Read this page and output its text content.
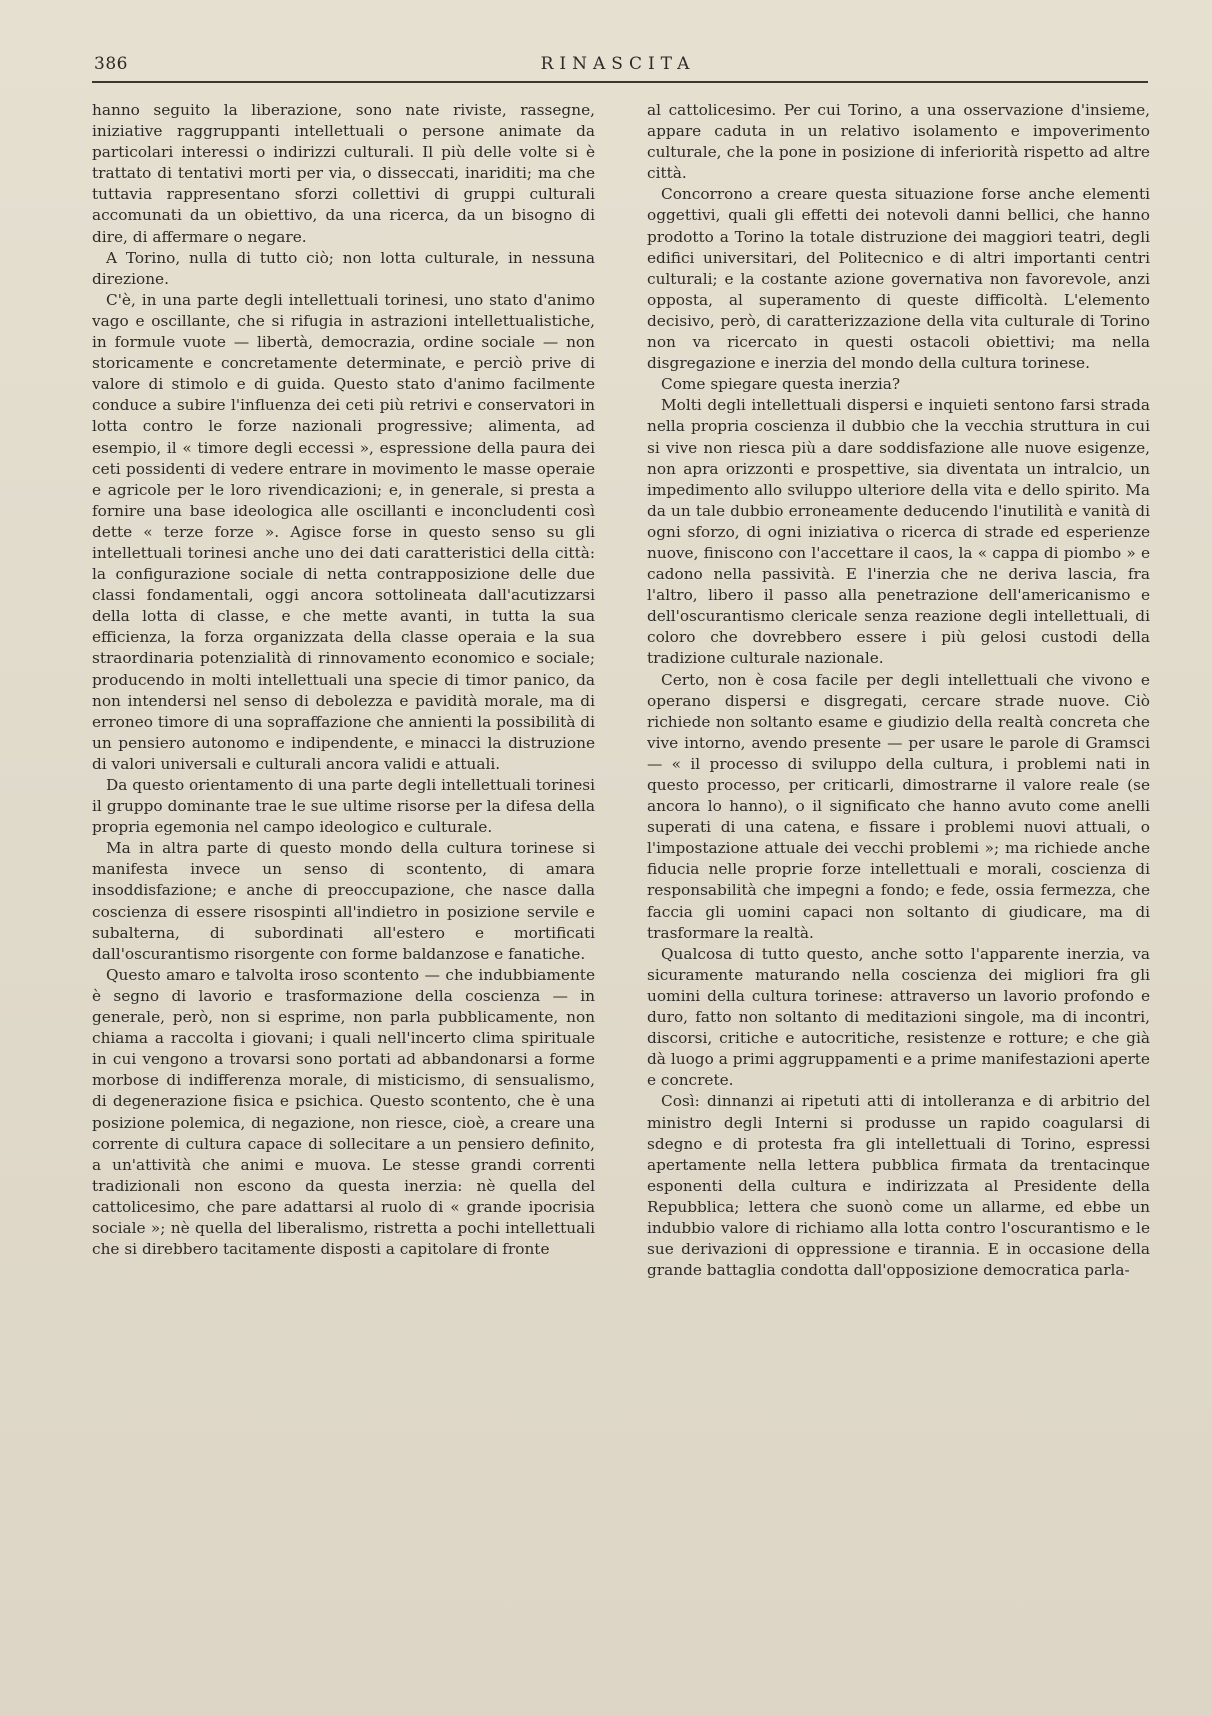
386	RINASCITA

hanno seguito la liberazione, sono nate riviste, rassegne, iniziative raggruppanti intellettuali o persone animate da particolari interessi o indirizzi culturali. Il più delle volte si è trattato di tentativi morti per via, o disseccati, inariditi; ma che tuttavia rappresentano sforzi collettivi di gruppi culturali accomunati da un obiettivo, da una ricerca, da un bisogno di dire, di affermare o negare.

A Torino, nulla di tutto ciò; non lotta culturale, in nessuna direzione.

C'è, in una parte degli intellettuali torinesi, uno stato d'animo vago e oscillante, che si rifugia in astrazioni intellettualistiche, in formule vuote — libertà, democrazia, ordine sociale — non storicamente e concretamente determinate, e perciò prive di valore di stimolo e di guida. Questo stato d'animo facilmente conduce a subire l'influenza dei ceti più retrivi e conservatori in lotta contro le forze nazionali progressive; alimenta, ad esempio, il « timore degli eccessi », espressione della paura dei ceti possidenti di vedere entrare in movimento le masse operaie e agricole per le loro rivendicazioni; e, in generale, si presta a fornire una base ideologica alle oscillanti e inconcludenti così dette « terze forze ». Agisce forse in questo senso su gli intellettuali torinesi anche uno dei dati caratteristici della città: la configurazione sociale di netta contrapposizione delle due classi fondamentali, oggi ancora sottolineata dall'acutizzarsi della lotta di classe, e che mette avanti, in tutta la sua efficienza, la forza organizzata della classe operaia e la sua straordinaria potenzialità di rinnovamento economico e sociale; producendo in molti intellettuali una specie di timor panico, da non intendersi nel senso di debolezza e pavidità morale, ma di erroneo timore di una sopraffazione che annienti la possibilità di un pensiero autonomo e indipendente, e minacci la distruzione di valori universali e culturali ancora validi e attuali.

Da questo orientamento di una parte degli intellettuali torinesi il gruppo dominante trae le sue ultime risorse per la difesa della propria egemonia nel campo ideologico e culturale.

Ma in altra parte di questo mondo della cultura torinese si manifesta invece un senso di scontento, di amara insoddisfazione; e anche di preoccupazione, che nasce dalla coscienza di essere risospinti all'indietro in posizione servile e subalterna, di subordinati all'estero e mortificati dall'oscurantismo risorgente con forme baldanzose e fanatiche.

Questo amaro e talvolta iroso scontento — che indubbiamente è segno di lavorio e trasformazione della coscienza — in generale, però, non si esprime, non parla pubblicamente, non chiama a raccolta i giovani; i quali nell'incerto clima spirituale in cui vengono a trovarsi sono portati ad abbandonarsi a forme morbose di indifferenza morale, di misticismo, di sensualismo, di degenerazione fisica e psichica. Questo scontento, che è una posizione polemica, di negazione, non riesce, cioè, a creare una corrente di cultura capace di sollecitare a un pensiero definito, a un'attività che animi e muova. Le stesse grandi correnti tradizionali non escono da questa inerzia: nè quella del cattolicesimo, che pare adattarsi al ruolo di « grande ipocrisia sociale »; nè quella del liberalismo, ristretta a pochi intellettuali che si direbbero tacitamente disposti a capitolare di fronte

al cattolicesimo. Per cui Torino, a una osservazione d'insieme, appare caduta in un relativo isolamento e impoverimento culturale, che la pone in posizione di inferiorità rispetto ad altre città.

Concorrono a creare questa situazione forse anche elementi oggettivi, quali gli effetti dei notevoli danni bellici, che hanno prodotto a Torino la totale distruzione dei maggiori teatri, degli edifici universitari, del Politecnico e di altri importanti centri culturali; e la costante azione governativa non favorevole, anzi opposta, al superamento di queste difficoltà. L'elemento decisivo, però, di caratterizzazione della vita culturale di Torino non va ricercato in questi ostacoli obiettivi; ma nella disgregazione e inerzia del mondo della cultura torinese.

Come spiegare questa inerzia?

Molti degli intellettuali dispersi e inquieti sentono farsi strada nella propria coscienza il dubbio che la vecchia struttura in cui si vive non riesca più a dare soddisfazione alle nuove esigenze, non apra orizzonti e prospettive, sia diventata un intralcio, un impedimento allo sviluppo ulteriore della vita e dello spirito. Ma da un tale dubbio erroneamente deducendo l'inutilità e vanità di ogni sforzo, di ogni iniziativa o ricerca di strade ed esperienze nuove, finiscono con l'accettare il caos, la « cappa di piombo » e cadono nella passività. E l'inerzia che ne deriva lascia, fra l'altro, libero il passo alla penetrazione dell'americanismo e dell'oscurantismo clericale senza reazione degli intellettuali, di coloro che dovrebbero essere i più gelosi custodi della tradizione culturale nazionale.

Certo, non è cosa facile per degli intellettuali che vivono e operano dispersi e disgregati, cercare strade nuove. Ciò richiede non soltanto esame e giudizio della realtà concreta che vive intorno, avendo presente — per usare le parole di Gramsci — « il processo di sviluppo della cultura, i problemi nati in questo processo, per criticarli, dimostrarne il valore reale (se ancora lo hanno), o il significato che hanno avuto come anelli superati di una catena, e fissare i problemi nuovi attuali, o l'impostazione attuale dei vecchi problemi »; ma richiede anche fiducia nelle proprie forze intellettuali e morali, coscienza di responsabilità che impegni a fondo; e fede, ossia fermezza, che faccia gli uomini capaci non soltanto di giudicare, ma di trasformare la realtà.

Qualcosa di tutto questo, anche sotto l'apparente inerzia, va sicuramente maturando nella coscienza dei migliori fra gli uomini della cultura torinese: attraverso un lavorio profondo e duro, fatto non soltanto di meditazioni singole, ma di incontri, discorsi, critiche e autocritiche, resistenze e rotture; e che già dà luogo a primi aggruppamenti e a prime manifestazioni aperte e concrete.

Così: dinnanzi ai ripetuti atti di intolleranza e di arbitrio del ministro degli Interni si produsse un rapido coagularsi di sdegno e di protesta fra gli intellettuali di Torino, espressi apertamente nella lettera pubblica firmata da trentacinque esponenti della cultura e indirizzata al Presidente della Repubblica; lettera che suonò come un allarme, ed ebbe un indubbio valore di richiamo alla lotta contro l'oscurantismo e le sue derivazioni di oppressione e tirannia. E in occasione della grande battaglia condotta dall'opposizione democratica parla-
